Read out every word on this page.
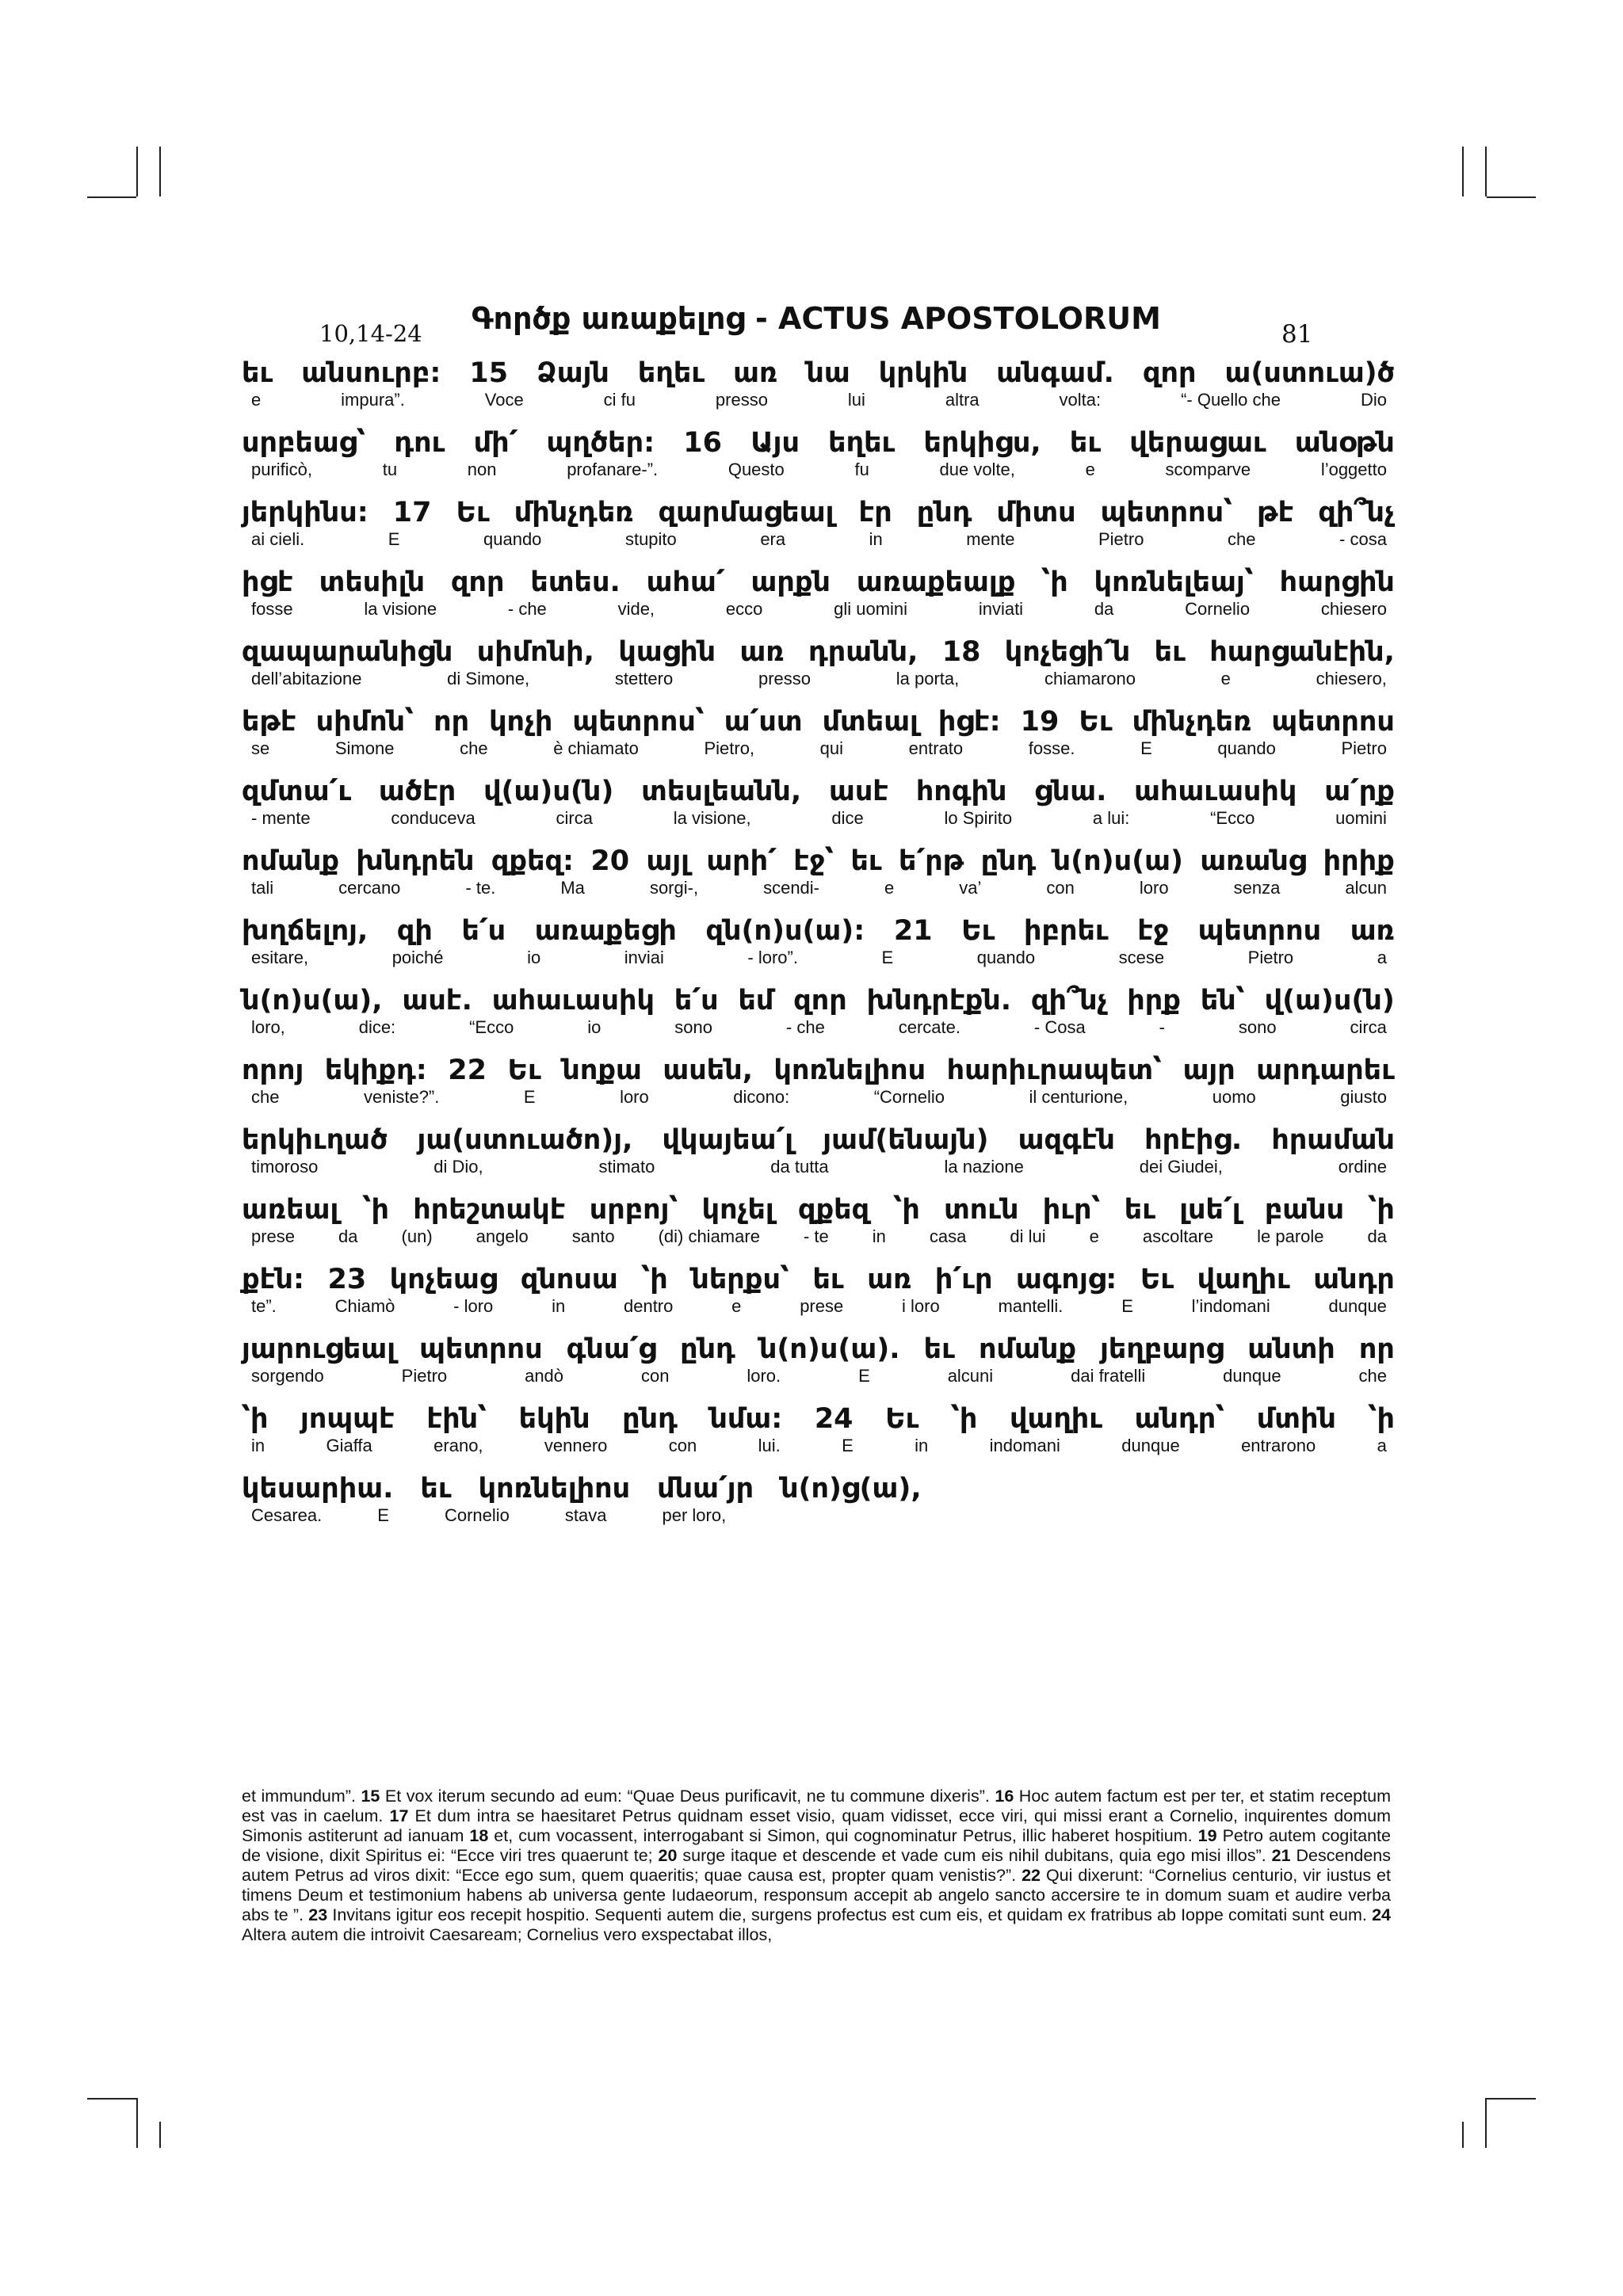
10,14-24 Գործք առաքելոց - ACTUS APOSTOLORUM	81
եւ անսուրբ: 15 Ձայն եղեւ առ նա կրկին անգամ. զոր ա(ստուա)ծ
e	impura”.	Voce	ci fu	presso	lui	altra	volta:	“- Quello che	Dio
սրբեաց՝ դու մի՛ պղծեր: 16 Այս եղեւ երկիցս, եւ վերացաւ անօթն
purificò,	tu	non	profanare-”.	Questo	fu	due volte,	e	scomparve	l’oggetto
յերկինս: 17 Եւ մինչդեռ զարմացեալ էր ընդ միտս պետրոս՝ թէ զի՞նչ
ai cieli.	E	quando	stupito	era	in	mente	Pietro	che	- cosa
իցէ տեսիլն զոր ետես. ահա՛ արքն առաքեալք ՝ի կոռնելեայ՝ հարցին
fosse	la visione	- che	vide,	ecco	gli uomini	inviati	da	Cornelio	chiesero
զապարանիցն սիմոնի, կացին առ դրանն, 18 կոչեցի՛ն եւ հարցանէին,
dell’abitazione	di Simone,	stettero	presso	la porta,	chiamarono	e	chiesero,
եթէ սիմոն՝ որ կոչի պետրոս՝ ա՛ստ մտեալ իցէ: 19 Եւ մինչդեռ պետրոս
se	Simone	che	è chiamato	Pietro,	qui	entrato	fosse.	E	quando	Pietro
զմտա՛ւ ածէր վ(ա)ս(ն) տեսլեանն, ասէ հոգին ցնա. ահաւասիկ ա՛րք
- mente	conduceva	circa	la visione,	dice	lo Spirito	a lui:	“Ecco	uomini
ոմանք խնդրեն զքեզ: 20 այլ արի՛ էջ՝ եւ ե՛րթ ընդ ն(ո)ս(ա) առանց իրիք
tali	cercano	- te.	Ma	sorgi-,	scendi-	e	va’	con	loro	senza	alcun
խղճելոյ, զի ե՛ս առաքեցի զն(ո)ս(ա): 21 Եւ իբրեւ էջ պետրոս առ
esitare,	poiché	io	inviai	- loro”.	E	quando	scese	Pietro	a
ն(ո)ս(ա), ասէ. ահաւասիկ ե՛ս եմ զոր խնդրէքն. զի՞նչ իրք են՝ վ(ա)ս(ն)
loro,	dice:	“Ecco	io	sono	- che	cercate.	- Cosa	-	sono	circa
որոյ եկիքդ: 22 Եւ նոքա ասեն, կոռնելիոս հարիւրապետ՝ այր արդարեւ
che	veniste?”.	E	loro	dicono:	“Cornelio	il centurione,	uomo	giusto
երկիւղած յա(ստուածո)յ, վկայեա՛լ յամ(ենայն) ազգէն հրէից. հրաման
timoroso	di Dio,	stimato	da tutta	la nazione	dei Giudei,	ordine
առեալ ՝ի հրեշտակէ սրբոյ՝ կոչել զքեզ ՝ի տուն իւր՝ եւ լսե՛լ բանս ՝ի
prese	da	(un)	angelo	santo	(di) chiamare	- te	in	casa	di lui	e	ascoltare	le parole	da
քէն: 23 կոչեաց զնոսա ՝ի ներքս՝ եւ առ ի՛ւր ագոյց: Եւ վաղիւ անդր
te”.	Chiamò	- loro	in	dentro	e	prese	i loro	mantelli.	E	l’indomani	dunque
յարուցեալ պետրոս գնա՛ց ընդ ն(ո)ս(ա). եւ ոմանք յեղբարց անտի որ
sorgendo	Pietro	andò	con	loro.	E	alcuni	dai fratelli	dunque	che
՝ի յոպպէ էին՝ եկին ընդ նմա: 24 Եւ ՝ի վաղիւ անդր՝ մտին ՝ի
in	Giaffa	erano,	vennero	con	lui.	E	in	indomani	dunque	entrarono	a
կեսարիա. եւ կոռնելիոս մնա՛յր ն(ո)ց(ա),
Cesarea.	E	Cornelio	stava	per loro,
et immundum”. 15 Et vox iterum secundo ad eum: “Quae Deus purificavit, ne tu commune dixeris”. 16 Hoc autem factum est per ter, et statim receptum est vas in caelum. 17 Et dum intra se haesitaret Petrus quidnam esset visio, quam vidisset, ecce viri, qui missi erant a Cornelio, inquirentes domum Simonis astiterunt ad ianuam 18 et, cum vocassent, interrogabant si Simon, qui cognominatur Petrus, illic haberet hospitium. 19 Petro autem cogitante de visione, dixit Spiritus ei: “Ecce viri tres quaerunt te; 20 surge itaque et descende et vade cum eis nihil dubitans, quia ego misi illos”. 21 Descendens autem Petrus ad viros dixit: “Ecce ego sum, quem quaeritis; quae causa est, propter quam venistis?”. 22 Qui dixerunt: “Cornelius centurio, vir iustus et timens Deum et testimonium habens ab universa gente Iudaeorum, responsum accepit ab angelo sancto accersire te in domum suam et audire verba abs te ”. 23 Invitans igitur eos recepit hospitio. Sequenti autem die, surgens profectus est cum eis, et quidam ex fratribus ab Ioppe comitati sunt eum. 24 Altera autem die introivit Caesaream; Cornelius vero exspectabat illos,
